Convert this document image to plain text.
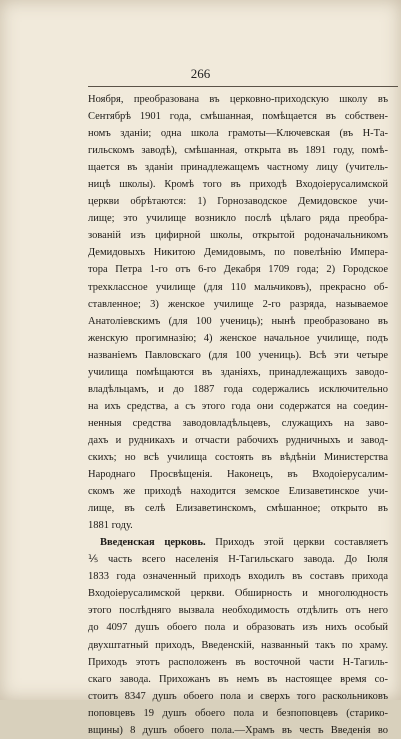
266
Ноября, преобразована въ церковно-приходскую школу въ
Сентябрѣ 1901 года, смѣшанная, помѣщается въ собствен-
номъ зданіи; одна школа грамоты—Ключевская (въ Н-Та-
гильскомъ заводѣ), смѣшанная, открыта въ 1891 году, помѣ-
щается въ зданіи принадлежащемъ частному лицу (учитель-
ницѣ школы). Кромѣ того въ приходѣ Входоіерусалимской
церкви обрѣтаются: 1) Горнозаводское Демидовское учи-
лище; это училище возникло послѣ цѣлаго ряда преобра-
зованій изъ цифирной школы, открытой родоначальникомъ
Демидовыхъ Никитою Демидовымъ, по повелѣнію Импера-
тора Петра 1-го отъ 6-го Декабря 1709 года; 2) Городское
трехклассное училище (для 110 мальчиковъ), прекрасно об-
ставленное; 3) женское училище 2-го разряда, называемое
Анатоліевскимъ (для 100 учениць); нынѣ преобразовано въ
женскую прогимназію; 4) женское начальное училище, подъ
названіемъ Павловскаго (для 100 учениць). Всѣ эти четыре
училища помѣщаются въ зданіяхъ, принадлежащихъ заводо-
владѣльцамъ, и до 1887 года содержались исключительно
на ихъ средства, а съ этого года они содержатся на соедин-
ненныя средства заводовладѣльцевъ, служащихъ на заво-
дахъ и рудникахъ и отчасти рабочихъ рудничныхъ и завод-
скихъ; но всѣ училища состоять въ вѣдѣніи Министерства
Народнаго Просвѣщенія. Наконецъ, въ Входоіерусалим-
скомъ же приходѣ находится земское Елизаветинское учи-
лище, въ селѣ Елизаветинскомъ, смѣшанное; открыто въ
1881 году.
Введенская церковь. Приходъ этой церкви составляетъ
⅕ часть всего населенія Н-Тагильскаго завода. До Іюля
1833 года означенный приходъ входилъ въ составъ прихода
Входоіерусалимской церкви. Обширность и многолюдность
этого послѣдняго вызвала необходимость отдѣлить отъ него
до 4097 душъ обоего пола и образовать изъ нихъ особый
двухштатный приходъ, Введенскій, названный такъ по храму.
Приходъ этотъ расположенъ въ восточной части Н-Тагиль-
скаго завода. Прихожанъ въ немъ въ настоящее время со-
стоитъ 8347 душъ обоего пола и сверхъ того раскольниковъ
поповцевъ 19 душъ обоего пола и безпоповцевъ (старико-
вщины) 8 душъ обоего пола.—Храмъ въ честь Введенія во
